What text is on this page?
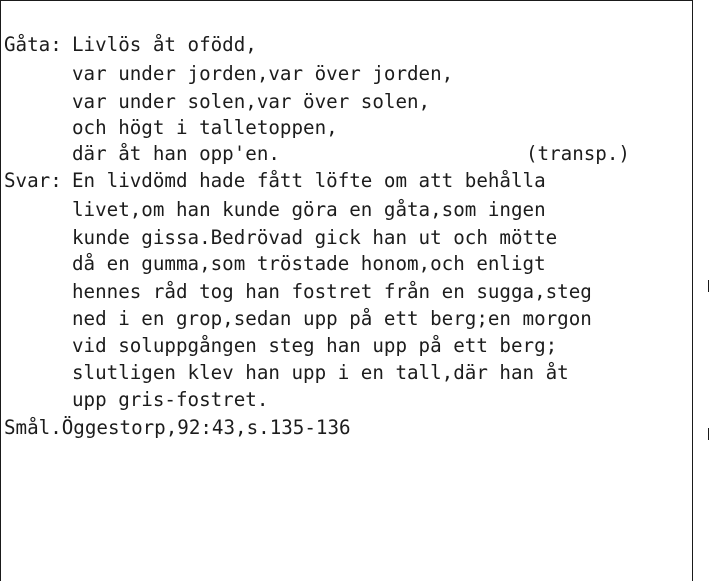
Gåta: Livlös åt ofödd,
var under jorden,var över jorden,
var under solen,var över solen,
och högt i talletoppen,
där åt han opp'en.	(transp.)
Svar: En livdömd hade fått löfte om att behålla
livet,om han kunde göra en gåta,som ingen
kunde gissa.Bedrövad gick han ut och mötte
då en gumma,som tröstade honom,och enligt
hennes råd tog han fostret från en sugga,steg
ned i en grop,sedan upp på ett berg;en morgon
vid soluppgången steg han upp på ett berg;
slutligen klev han upp i en tall,där han åt
upp gris-fostret.
Smål.Öggestorp,92:43,s.135-136
